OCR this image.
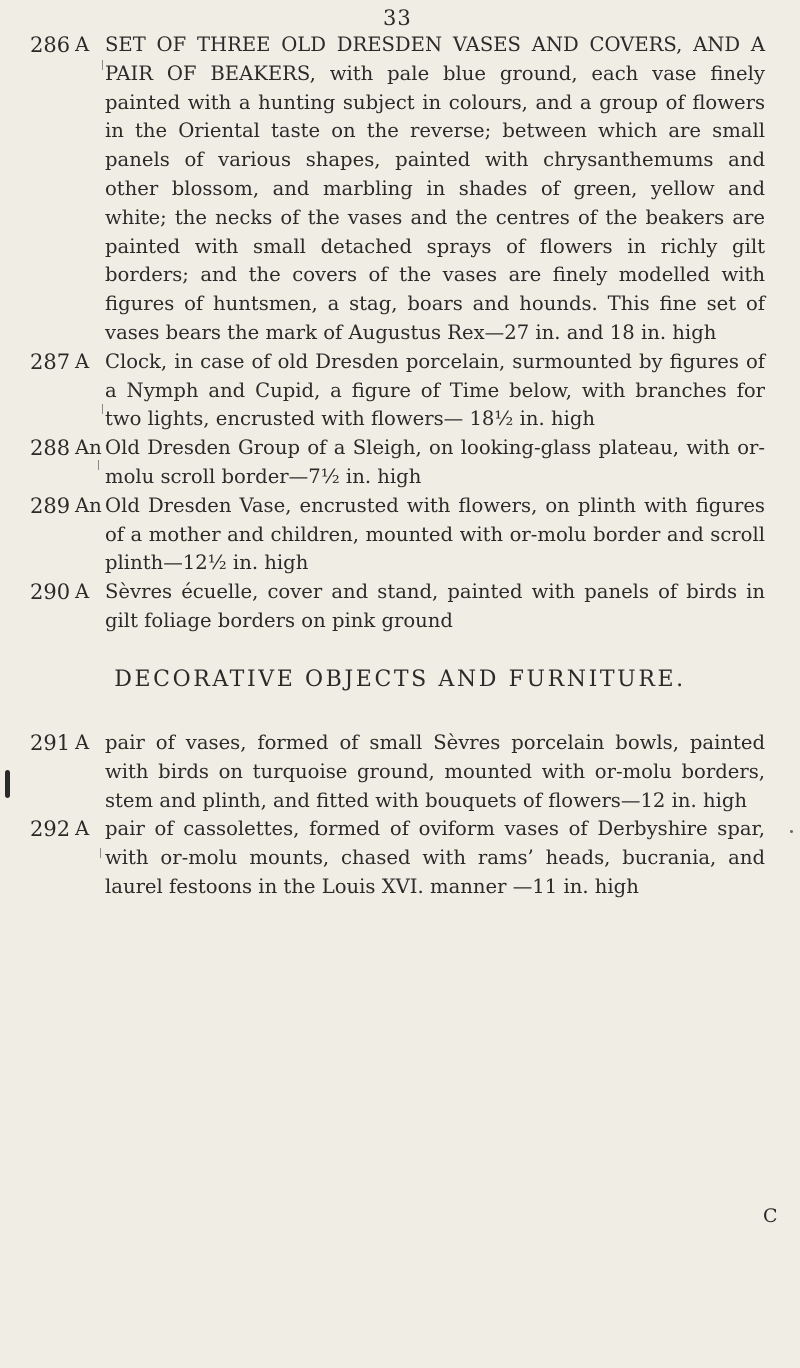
33
286 A SET OF THREE OLD DRESDEN VASES AND COVERS, AND A PAIR OF BEAKERS, with pale blue ground, each vase finely painted with a hunting subject in colours, and a group of flowers in the Oriental taste on the reverse; between which are small panels of various shapes, painted with chrysanthemums and other blossom, and marbling in shades of green, yellow and white; the necks of the vases and the centres of the beakers are painted with small detached sprays of flowers in richly gilt borders; and the covers of the vases are finely modelled with figures of huntsmen, a stag, boars and hounds. This fine set of vases bears the mark of Augustus Rex—27 in. and 18 in. high
287 A Clock, in case of old Dresden porcelain, surmounted by figures of a Nymph and Cupid, a figure of Time below, with branches for two lights, encrusted with flowers— 18½ in. high
288 An Old Dresden Group of a Sleigh, on looking-glass plateau, with or-molu scroll border—7½ in. high
289 An Old Dresden Vase, encrusted with flowers, on plinth with figures of a mother and children, mounted with or-molu border and scroll plinth—12½ in. high
290 A Sèvres écuelle, cover and stand, painted with panels of birds in gilt foliage borders on pink ground
DECORATIVE OBJECTS AND FURNITURE.
291 A pair of vases, formed of small Sèvres porcelain bowls, painted with birds on turquoise ground, mounted with or-molu borders, stem and plinth, and fitted with bouquets of flowers—12 in. high
292 A pair of cassolettes, formed of oviform vases of Derbyshire spar, with or-molu mounts, chased with rams’ heads, bucrania, and laurel festoons in the Louis XVI. manner —11 in. high
C
